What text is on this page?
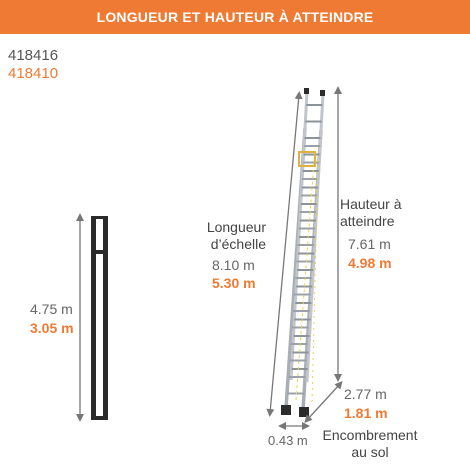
LONGUEUR ET HAUTEUR À ATTEINDRE
418416
418410
4.75 m
3.05 m
Longueur
d’échelle
8.10 m
5.30 m
Hauteur à
atteindre
7.61 m
4.98 m
2.77 m
1.81 m
Encombrement
au sol
0.43 m
